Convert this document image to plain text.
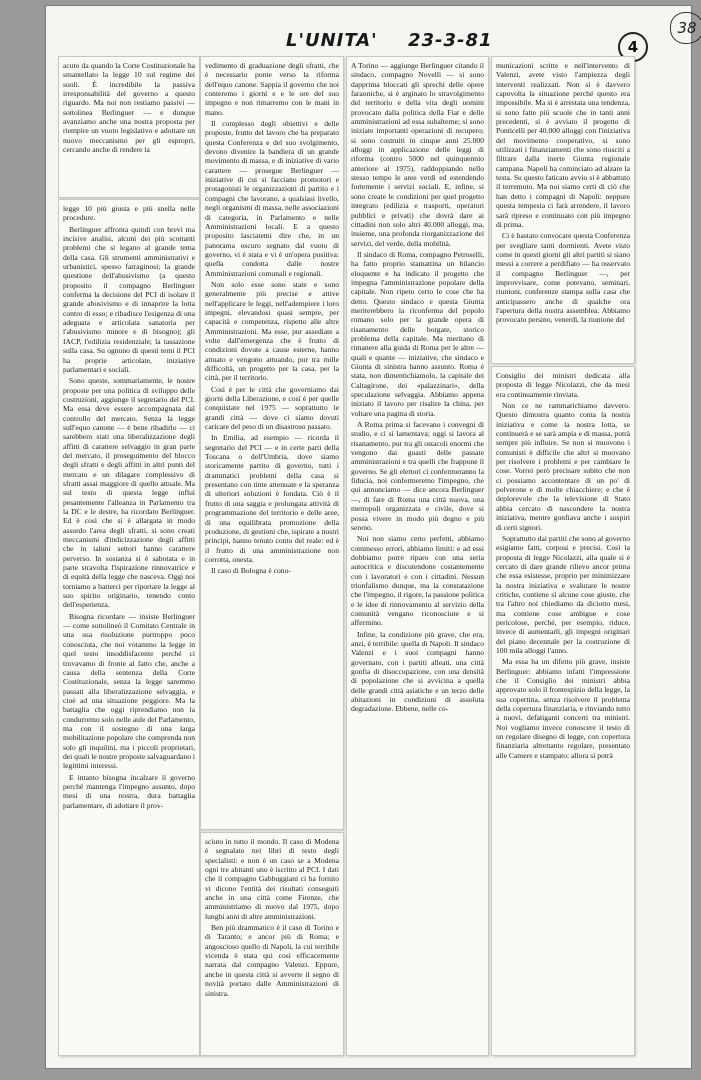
L'UNITA' 23-3-81	4
38

acuto da quando la Corte Costituzionale ha smantellato la legge 10 sul regime dei suoli. È incredibile la passiva irresponsabilità del governo a questo riguardo. Ma noi non restiamo passivi — sottolinea Berlinguer — e dunque avanziamo anche una nostra proposta per riempire un vuoto legislativo e adottare un nuovo meccanismo per gli espropri, cercando anche di rendere la

legge 10 più giusta e più snella nelle procedure.

Berlinguer affronta quindi con brevi ma incisive analisi, alcuni dei più scottanti problemi che si legano al grande tema della casa. Gli strumenti amministrativi e urbanistici, spesso farraginosi; la grande questione dell'abusivismo (a questo proposito il compagno Berlinguer conferma la decisione del PCI di isolare il grande abusivismo e di innaprire la lotta contro di esso; e ribadisce l'esigenza di una adeguata e articolata sanatoria per l'abusivismo minore e di bisogno); gli IACP, l'edilizia residenziale; la tassazione sulla casa. Su ognuno di questi temi il PCI ha proprie articolate, iniziative parlamentari e sociali.

Sono queste, sommariamente, le nostre proposte per una politica di sviluppo delle costruzioni, aggiunge il segretario del PCI. Ma essa deve essere accompagnata dal controllo del mercato. Senza la legge sull'equo canone — è bene ribadirlo — ci sarebbero stati una liberalizzazione degli affitti di carattere selvaggio in gran parte del mercato, il proseguimento del blocco degli sfratti e degli affitti in altri punti del mercato e un dilagare complessivo di sfratti assai maggiore di quello attuale. Ma sul testo di questa legge influì pesantemente l'alleanza in Parlamento tra la DC e le destre, ha ricordato Berlinguer. Ed è così che si è allargata in modo assurdo l'area degli sfratti, si sono creati meccanismi d'indicizzazione degli affitti che in taluni settori hanno carattere perverso. In sostanza si è sabotata e in parte stravolta l'ispirazione rinnovatrice e di equità della legge che nasceva. Oggi noi torniamo a batterci per riportare la legge al suo spirito originario, tenendo conto dell'esperienza.

Bisogna ricordare — insiste Berlinguer — come sottolineò il Comitato Centrale in una sua risoluzione purtroppo poco conosciuta, che noi votammo la legge in quel testo insoddisfacente perché ci trovavamo di fronte al fatto che, anche a causa della sentenza della Corte Costituzionale, senza la legge saremmo passati alla liberalizzazione selvaggia, e cioè ad una situazione peggiore. Ma la battaglia che oggi riprendiamo non la condurremo solo nelle aule del Parlamento, ma con il sostegno di una larga mobilitazione popolare che comprenda non solo gli inquilini, ma i piccoli proprietari, dei quali le nostre proposte salvaguardano i legittimi interessi.

E intanto bisogna incalzare il governo perché mantenga l'impegno assunto, dopo mesi di una nostra, dura battaglia parlamentare, di adottare il prov-

vedimento di graduazione degli sfratti, che è necessario ponte verso la riforma dell'equo canone. Sappia il governo che noi conteremo i giorni e e le ore del suo impegno e non rimarremo con le mani in mano.

Il complesso degli obiettivi e delle proposte, frutto del lavoro che ha preparato questa Conferenza e del suo svolgimento, devono divenire la bandiera di un grande movimento di massa, e di iniziative di vario carattere — prosegue Berlinguer — iniziative di cui si facciano promotori e protagonisti le organizzazioni di partito e i compagni che lavorano, a qualsiasi livello, negli organismi di massa, nelle associazioni di categoria, in Parlamento e nelle Amministrazioni locali. E a questo proposito lasciatemi dire che, in un panorama oscuro segnato dal vuoto di governo, vi è stata e vi è un'opera positiva: quella condotta dalle nostre Amministrazioni comunali e regionali.

Non solo esse sono state e sono generalmente più precise e attive nell'applicare le leggi, nell'adempiere i loro impegni, elevandosi quasi sempre, per capacità e competenza, rispetto alle altre Amministrazioni. Ma esse, pur assediate a volte dall'emergenza che è frutto di condizioni dovute a cause esterne, hanno attuato e vengono attuando, pur tra mille difficoltà, un progetto per la casa, per la città, per il territorio.

Così è per le città che governiamo dai giorni della Liberazione, e così è per quelle conquistate nel 1975 — soprattutto le grandi città — dove ci siamo dovuti caricare del peso di un disastroso passato.

In Emilia, ad esempio — ricorda il segretario del PCI — e in certe parti della Toscana o dell'Umbria, dove siamo storicamente partito di governo, tutti i drammatici problemi della casa si presentano con tinte attenuate e la speranza di ulteriori soluzioni è fondata. Ciò è il frutto di una saggia e prolungata attività di programmazione del territorio e delle aree, di una equilibrata promozione della produzione, di gestioni che, ispirate a nostri principi, hanno tenuto conto del reale: ed è il frutto di una amministrazione non corrotta, onesta.

Il caso di Bologna è cono-

sciuto in tutto il mondo. Il caso di Modena è segnalato nei libri di testo degli specialisti: e non è un caso se a Modena ogni tre abitanti uno è iscritto al PCI. I dati che il compagno Gabbuggiani ci ha fornito vi dicono l'entità dei risultati conseguiti anche in una città come Firenze, che amministriamo di nuovo dal 1975, dopo lunghi anni di altre amministrazioni.

Ben più drammatico è il caso di Torino e di Taranto; e ancor più di Roma; e angoscioso quello di Napoli, la cui terribile vicenda è stata qui così efficacemente narrata dal compagno Valenzi. Eppure, anche in questa città si avverte il segno di novità portato dalle Amministrazioni di sinistra.

A Torino — aggiunge Berlinguer citando il sindaco, compagno Novelli — si sono dapprima bloccati gli sprechi delle opere faraoniche, si è arginato lo stravolgimento del territorio e della vita degli uomini provocato dalla politica della Fiat e delle amministrazioni ad essa subalterne; si sono iniziate importanti operazioni di recupero; si sono costruiti in cinque anni 25.000 alloggi in applicazione delle leggi di riforma (contro 5000 nel quinquennio anteriore al 1975), raddoppiando nello stesso tempo le aree verdi ed estendendo fortemente i servizi sociali. E, infine, si sono create le condizioni per quel progetto integrato (edilizia e trasporti, operatori pubblici e privati) che dovrà dare ai cittadini non solo altri 40.000 alloggi, ma, insieme, una profonda riorganizzazione dei servizi, del verde, della mobilità.

Il sindaco di Roma, compagno Petroselli, ha fatto proprio stamattina un bilancio eloquente e ha indicato il progetto che impegna l'amministrazione popolare della capitale. Non ripeto certo le cose che ha detto. Questo sindaco e questa Giunta meriterebbero la riconferma del popolo romano solo per la grande opera di risanamento delle borgate, storico problema della capitale. Ma meritano di rimanere alla guida di Roma per le altre — quali e quante — iniziative, che sindaco e Giunta di sinistra hanno assunto. Roma è stata, non dimentichiamolo, la capitale dei Caltagirone, dei «palazzinari», della speculazione selvaggia. Abbiamo appena iniziato il lavoro per risalire la china, per voltare una pagina di storia.

A Roma prima si facevano i convegni di studio, e ci si lamentava; oggi si lavora al risanamento, pur tra gli ostacoli enormi che vengono dai guasti delle passate amministrazioni e tra quelli che frappone il governo. Se gli elettori ci confermeranno la fiducia, noi confermeremo l'impegno, che qui annunciamo — dice ancora Berlinguer —, di fare di Roma una città nuova, una metropoli organizzata e civile, dove si possa vivere in modo più degno e più sereno.

Noi non siamo certo perfetti, abbiamo commesso errori, abbiamo limiti: e ad essi dobbiamo porre riparo con una seria autocritica e discutendone costantemente con i lavoratori e con i cittadini. Nessun trionfalismo dunque, ma la constatazione che l'impegno, il rigore, la passione politica e le idee di rinnovamento al servizio della comunità vengano riconosciute e si affermino.

Infine, la condizione più grave, che era, anzi, è terribile: quella di Napoli. Il sindaco Valenzi e i suoi compagni hanno governato, con i partiti alleati, una città gonfia di disoccupazione, con una densità di popolazione che si avvicina a quella delle grandi città asiatiche e un terzo delle abitazioni in condizioni di assoluta degradazione. Ebbene, nelle co-

municazioni scritte e nell'intervento di Valenzi, avete visto l'ampiezza degli interventi realizzati. Non si è davvero capovolta la situazione perché questo era impossibile. Ma si è arrestata una tendenza, si sono fatte più scuole che in tanti anni precedenti, si è avviato il progetto di Ponticelli per 40.000 alloggi con l'iniziativa del movimento cooperativo, si sono utilizzati i finanziamenti che sono riusciti a filtrare dalla inerte Giunta regionale campana. Napoli ha cominciato ad alzare la testa. Su questo faticato avvio si è abbattuto il terremoto. Ma noi siamo certi di ciò che han detto i compagni di Napoli: neppure questa tempesta ci farà arrendere, il lavoro sarà ripreso e continuato con più impegno di prima.

Ci è bastato convocare questa Conferenza per svegliare tanti dormienti. Avete visto come in questi giorni gli altri partiti si siano messi a correre a perdifiato — ha osservato il compagno Berlinguer —, per improvvisare, come potevano, seminari, riunioni, conferenze stampa sulla casa che anticipassero anche di qualche ora l'apertura della nostra assemblea. Abbiamo provocato persino, venerdì, la riunione del

Consiglio dei ministri dedicata alla proposta di legge Nicolazzi, che da mesi era continuamente rinviata.

Non ce ne rammarichiamo davvero. Questo dimostra quanto conta la nostra iniziativa e come la nostra lotta, se continuerà e se sarà ampia e di massa, potrà sempre più influire. Se non si muovono i comunisti è difficile che altri si muovano per risolvere i problemi e per cambiare le cose. Vorrei però precisare subito che non ci possiamo accontentare di un po' di polverone e di molte chiacchiere; e che è deplorevole che la televisione di Stato abbia cercato di nascondere la nostra iniziativa, mentre gonfiava anche i sospiri di certi signori.

Soprattutto dai partiti che sono al governo esigiamo fatti, corposi e precisi. Così la proposta di legge Nicolazzi, alla quale si è cercato di dare grande rilievo ancor prima che essa esistesse, proprio per minimizzare la nostra iniziativa e svalutare le nostre critiche, contiene sì alcune cose giuste, che tra l'altro noi chiediamo da diciotto mesi, ma contiene cose ambigue e cose pericolose, perché, per esempio, riduce, invece di aumentarli, gli impegni originari del piano decennale per la costruzione di 100 mila alloggi l'anno.

Ma essa ha un difetto più grave, insiste Berlinguer: abbiamo infatti l'impressione che il Consiglio dei ministri abbia approvato solo il frontespizio della legge, la sua copertina, senza risolvere il problema della copertura finanziaria, e rinviando tutto a nuovi, defatiganti concerti tra ministri. Noi vogliamo invece conoscere il testo di un regolare disegno di legge, con copertura finanziaria altrettanto regolare, presentato alle Camere e stampato: allora si potrà
